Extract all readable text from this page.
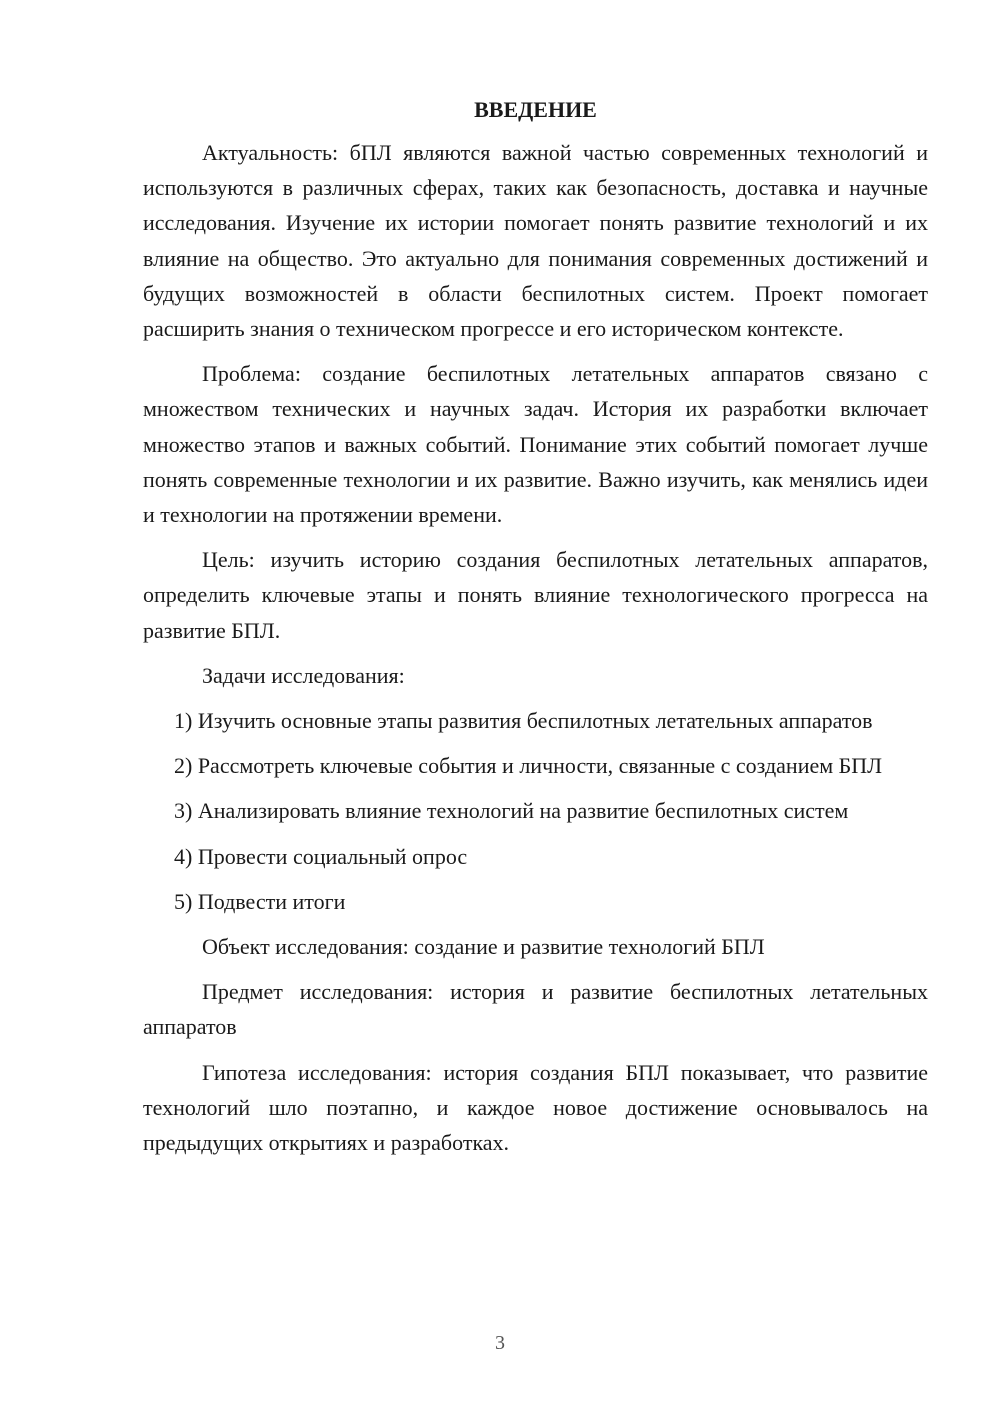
ВВЕДЕНИЕ

Актуальность: бПЛ являются важной частью современных технологий и используются в различных сферах, таких как безопасность, доставка и научные исследования. Изучение их истории помогает понять развитие технологий и их влияние на общество. Это актуально для понимания современных достижений и будущих возможностей в области беспилотных систем. Проект помогает расширить знания о техническом прогрессе и его историческом контексте.

Проблема: создание беспилотных летательных аппаратов связано с множеством технических и научных задач. История их разработки включает множество этапов и важных событий. Понимание этих событий помогает лучше понять современные технологии и их развитие. Важно изучить, как менялись идеи и технологии на протяжении времени.

Цель: изучить историю создания беспилотных летательных аппаратов, определить ключевые этапы и понять влияние технологического прогресса на развитие БПЛ.

Задачи исследования:

1) Изучить основные этапы развития беспилотных летательных аппаратов

2) Рассмотреть ключевые события и личности, связанные с созданием БПЛ

3) Анализировать влияние технологий на развитие беспилотных систем

4) Провести социальный опрос

5) Подвести итоги

Объект исследования: создание и развитие технологий БПЛ

Предмет исследования: история и развитие беспилотных летательных аппаратов

Гипотеза исследования: история создания БПЛ показывает, что развитие технологий шло поэтапно, и каждое новое достижение основывалось на предыдущих открытиях и разработках.

3
